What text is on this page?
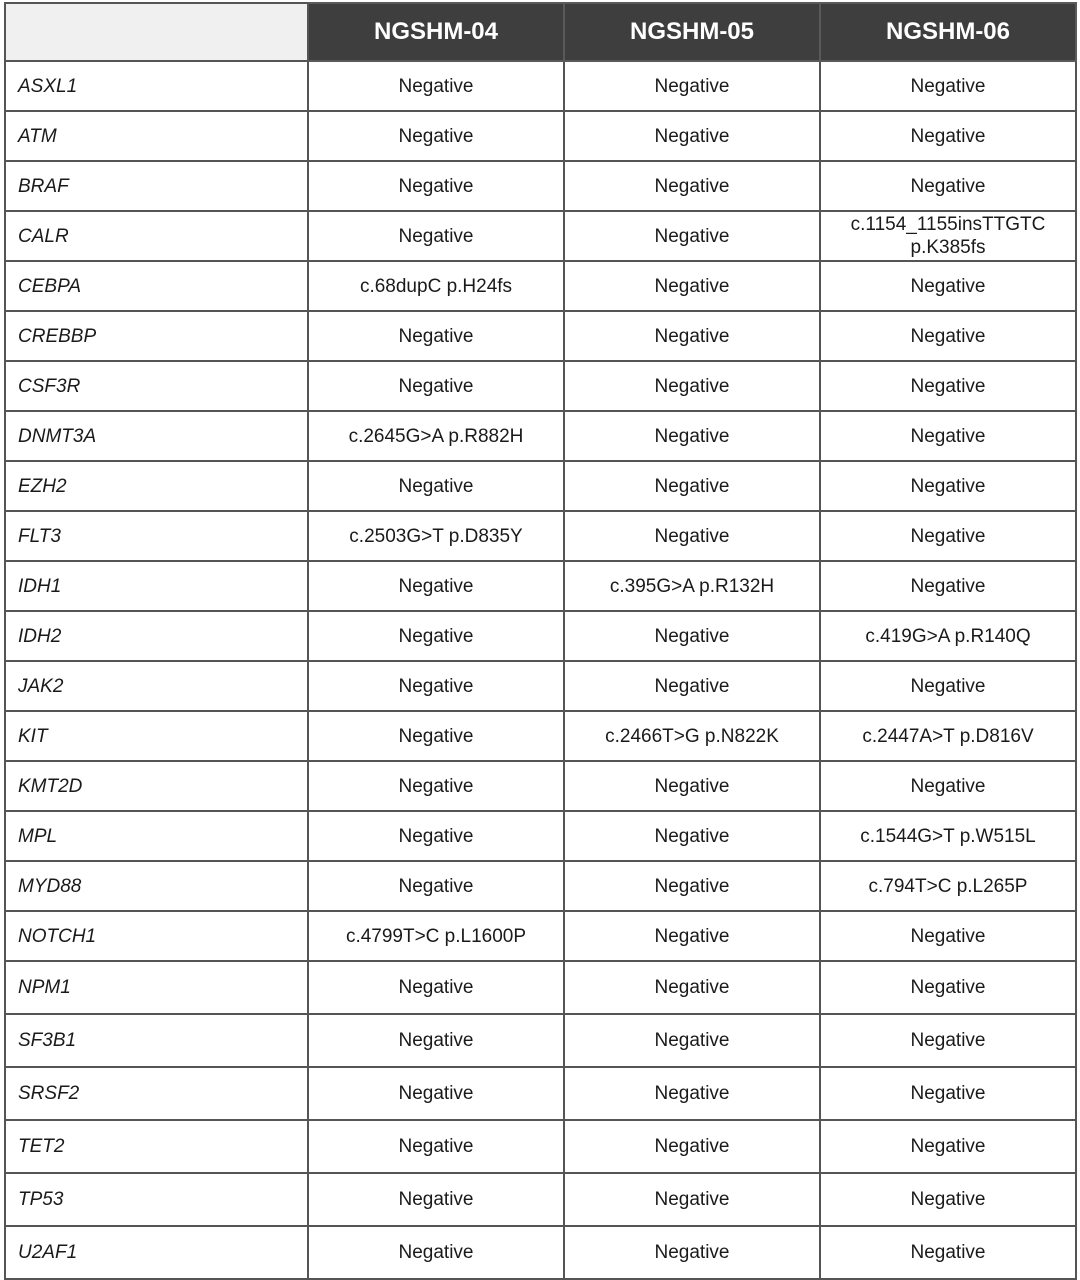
	NGSHM-04	NGSHM-05	NGSHM-06
ASXL1	Negative	Negative	Negative
ATM	Negative	Negative	Negative
BRAF	Negative	Negative	Negative
CALR	Negative	Negative	c.1154_1155insTTGTC p.K385fs
CEBPA	c.68dupC p.H24fs	Negative	Negative
CREBBP	Negative	Negative	Negative
CSF3R	Negative	Negative	Negative
DNMT3A	c.2645G>A p.R882H	Negative	Negative
EZH2	Negative	Negative	Negative
FLT3	c.2503G>T p.D835Y	Negative	Negative
IDH1	Negative	c.395G>A p.R132H	Negative
IDH2	Negative	Negative	c.419G>A p.R140Q
JAK2	Negative	Negative	Negative
KIT	Negative	c.2466T>G p.N822K	c.2447A>T p.D816V
KMT2D	Negative	Negative	Negative
MPL	Negative	Negative	c.1544G>T p.W515L
MYD88	Negative	Negative	c.794T>C p.L265P
NOTCH1	c.4799T>C p.L1600P	Negative	Negative
NPM1	Negative	Negative	Negative
SF3B1	Negative	Negative	Negative
SRSF2	Negative	Negative	Negative
TET2	Negative	Negative	Negative
TP53	Negative	Negative	Negative
U2AF1	Negative	Negative	Negative
